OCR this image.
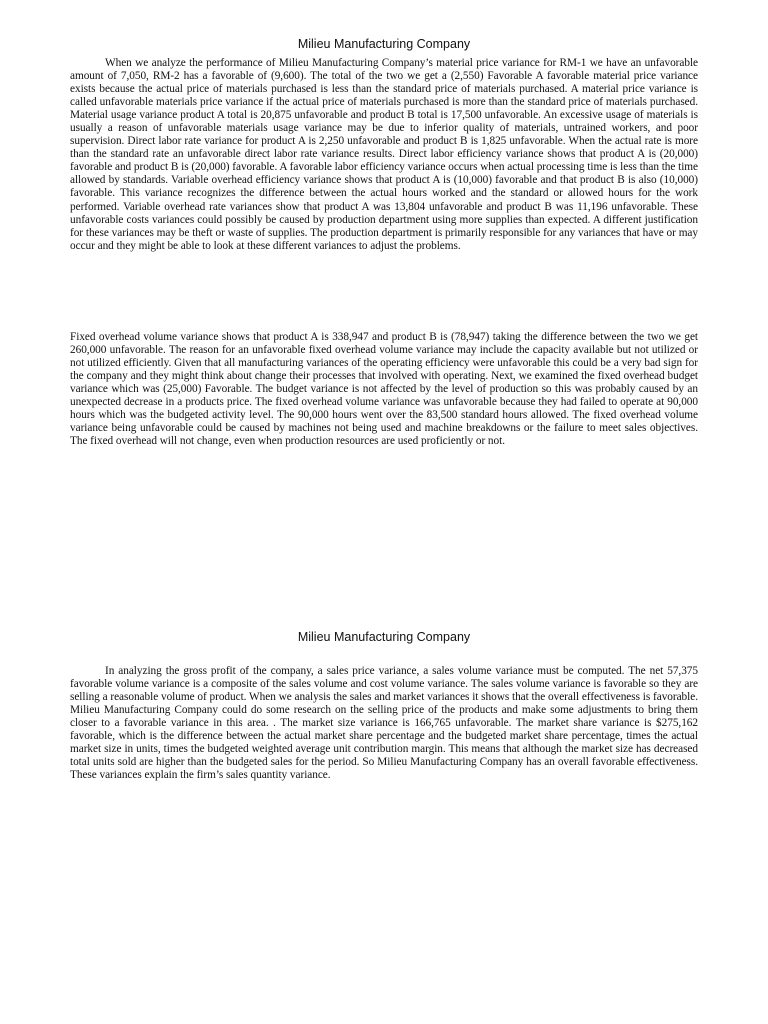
Milieu Manufacturing Company

When we analyze the performance of Milieu Manufacturing Company’s material price variance for RM-1 we have an unfavorable amount of 7,050, RM-2 has a favorable of (9,600). The total of the two we get a (2,550) Favorable A favorable material price variance exists because the actual price of materials purchased is less than the standard price of materials purchased. A material price variance is called unfavorable materials price variance if the actual price of materials purchased is more than the standard price of materials purchased. Material usage variance product A total is 20,875 unfavorable and product B total is 17,500 unfavorable. An excessive usage of materials is usually a reason of unfavorable materials usage variance may be due to inferior quality of materials, untrained workers, and poor supervision. Direct labor rate variance for product A is 2,250 unfavorable and product B is 1,825 unfavorable. When the actual rate is more than the standard rate an unfavorable direct labor rate variance results. Direct labor efficiency variance shows that product A is (20,000) favorable and product B is (20,000) favorable. A favorable labor efficiency variance occurs when actual processing time is less than the time allowed by standards. Variable overhead efficiency variance shows that product A is (10,000) favorable and that product B is also (10,000) favorable. This variance recognizes the difference between the actual hours worked and the standard or allowed hours for the work performed. Variable overhead rate variances show that product A was 13,804 unfavorable and product B was 11,196 unfavorable. These unfavorable costs variances could possibly be caused by production department using more supplies than expected. A different justification for these variances may be theft or waste of supplies. The production department is primarily responsible for any variances that have or may occur and they might be able to look at these different variances to adjust the problems.

Fixed overhead volume variance shows that product A is 338,947 and product B is (78,947) taking the difference between the two we get 260,000 unfavorable. The reason for an unfavorable fixed overhead volume variance may include the capacity available but not utilized or not utilized efficiently. Given that all manufacturing variances of the operating efficiency were unfavorable this could be a very bad sign for the company and they might think about change their processes that involved with operating. Next, we examined the fixed overhead budget variance which was (25,000) Favorable. The budget variance is not affected by the level of production so this was probably caused by an unexpected decrease in a products price. The fixed overhead volume variance was unfavorable because they had failed to operate at 90,000 hours which was the budgeted activity level. The 90,000 hours went over the 83,500 standard hours allowed. The fixed overhead volume variance being unfavorable could be caused by machines not being used and machine breakdowns or the failure to meet sales objectives. The fixed overhead will not change, even when production resources are used proficiently or not.

Milieu Manufacturing Company

In analyzing the gross profit of the company, a sales price variance, a sales volume variance must be computed. The net 57,375 favorable volume variance is a composite of the sales volume and cost volume variance. The sales volume variance is favorable so they are selling a reasonable volume of product. When we analysis the sales and market variances it shows that the overall effectiveness is favorable. Milieu Manufacturing Company could do some research on the selling price of the products and make some adjustments to bring them closer to a favorable variance in this area. . The market size variance is 166,765 unfavorable. The market share variance is $275,162 favorable, which is the difference between the actual market share percentage and the budgeted market share percentage, times the actual market size in units, times the budgeted weighted average unit contribution margin. This means that although the market size has decreased total units sold are higher than the budgeted sales for the period. So Milieu Manufacturing Company has an overall favorable effectiveness. These variances explain the firm’s sales quantity variance.
